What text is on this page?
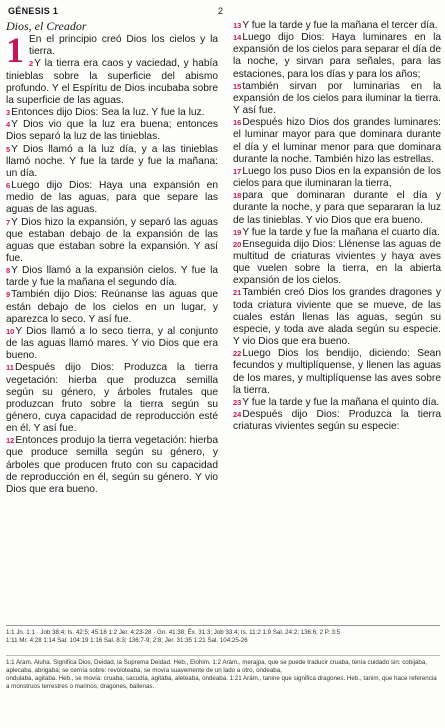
GÉNESIS 1	2
Dios, el Creador

1 En el principio creó Dios los cielos y la tierra.

2Y la tierra era caos y vaciedad, y había tinieblas sobre la superficie del abismo profundo. Y el Espíritu de Dios incubaba sobre la superficie de las aguas.

3Entonces dijo Dios: Sea la luz. Y fue la luz.

4Y Dios vio que la luz era buena; entonces Dios separó la luz de las tinieblas.

5Y Dios llamó a la luz día, y a las tinieblas llamó noche. Y fue la tarde y fue la mañana: un día.

6Luego dijo Dios: Haya una expansión en medio de las aguas, para que separe las aguas de las aguas.

7Y Dios hizo la expansión, y separó las aguas que estaban debajo de la expansión de las aguas que estaban sobre la expansión. Y así fue.

8Y Dios llamó a la expansión cielos. Y fue la tarde y fue la mañana el segundo día.

9También dijo Dios: Reúnanse las aguas que están debajo de los cielos en un lugar, y aparezca lo seco. Y así fue.

10Y Dios llamó a lo seco tierra, y al conjunto de las aguas llamó mares. Y vio Dios que era bueno.

11Después dijo Dios: Produzca la tierra vegetación: hierba que produzca semilla según su género, y árboles frutales que produzcan fruto sobre la tierra según su género, cuya capacidad de reproducción esté en él. Y así fue.

12Entonces produjo la tierra vegetación: hierba que produce semilla según su género, y árboles que producen fruto con su capacidad de reproducción en él, según su género. Y vio Dios que era bueno.

13Y fue la tarde y fue la mañana el tercer día.

14Luego dijo Dios: Haya luminares en la expansión de los cielos para separar el día de la noche, y sirvan para señales, para las estaciones, para los días y para los años;

15también sirvan por luminarias en la expansión de los cielos para iluminar la tierra. Y así fue.

16Después hizo Dios dos grandes luminares: el luminar mayor para que dominara durante el día y el luminar menor para que dominara durante la noche. También hizo las estrellas.

17Luego los puso Dios en la expansión de los cielos para que iluminaran la tierra,

18para que dominaran durante el día y durante la noche, y para que separaran la luz de las tinieblas. Y vio Dios que era bueno.

19Y fue la tarde y fue la mañana el cuarto día.

20Enseguida dijo Dios: Llénense las aguas de multitud de criaturas vivientes y haya aves que vuelen sobre la tierra, en la abierta expansión de los cielos.

21También creó Dios los grandes dragones y toda criatura viviente que se mueve, de las cuales están llenas las aguas, según su especie, y toda ave alada según su especie. Y vio Dios que era bueno.

22Luego Dios los bendijo, diciendo: Sean fecundos y multiplíquense, y llenen las aguas de los mares, y multiplíquense las aves sobre la tierra.

23Y fue la tarde y fue la mañana el quinto día.

24Después dijo Dios: Produzca la tierra criaturas vivientes según su especie:

1:1 Jn. 1:1 · Job 38:4; Is. 42:5; 45:18 1:2 Jer. 4:23-28 · Gn. 41:38; Éx. 31:3; Job 33:4; Is. 11:2 1:9 Sal. 24:2; 136:6; 2 P. 3:5
1:11 Mr. 4:28 1:14 Sal. 104:19 1:16 Sal. 8:3; 136:7-9; 2:8; Jer. 31:35 1:21 Sal. 104:25-26
1:1 Aram. Aluha. Significa Dios, Deidad, la Suprema Deidad. Heb., Elohim. 1:2 Arám., merajpa, que se puede traducir cruaba, tenía cuidado sin: cobijaba, aplecaba, abrigaba; se cernía sobre: revoloteaba; se movía suavemente de un lado a otro, ondeaba,
ondulaba, agitaba. Heb., se movía: cruaba, sacudía, agitaba, aleteaba, ondeaba. 1:21 Arám., tanine que significa dragones. Heb., tanim, que hace referencia a monstruos terrestres o marinos, dragones, ballenas.
